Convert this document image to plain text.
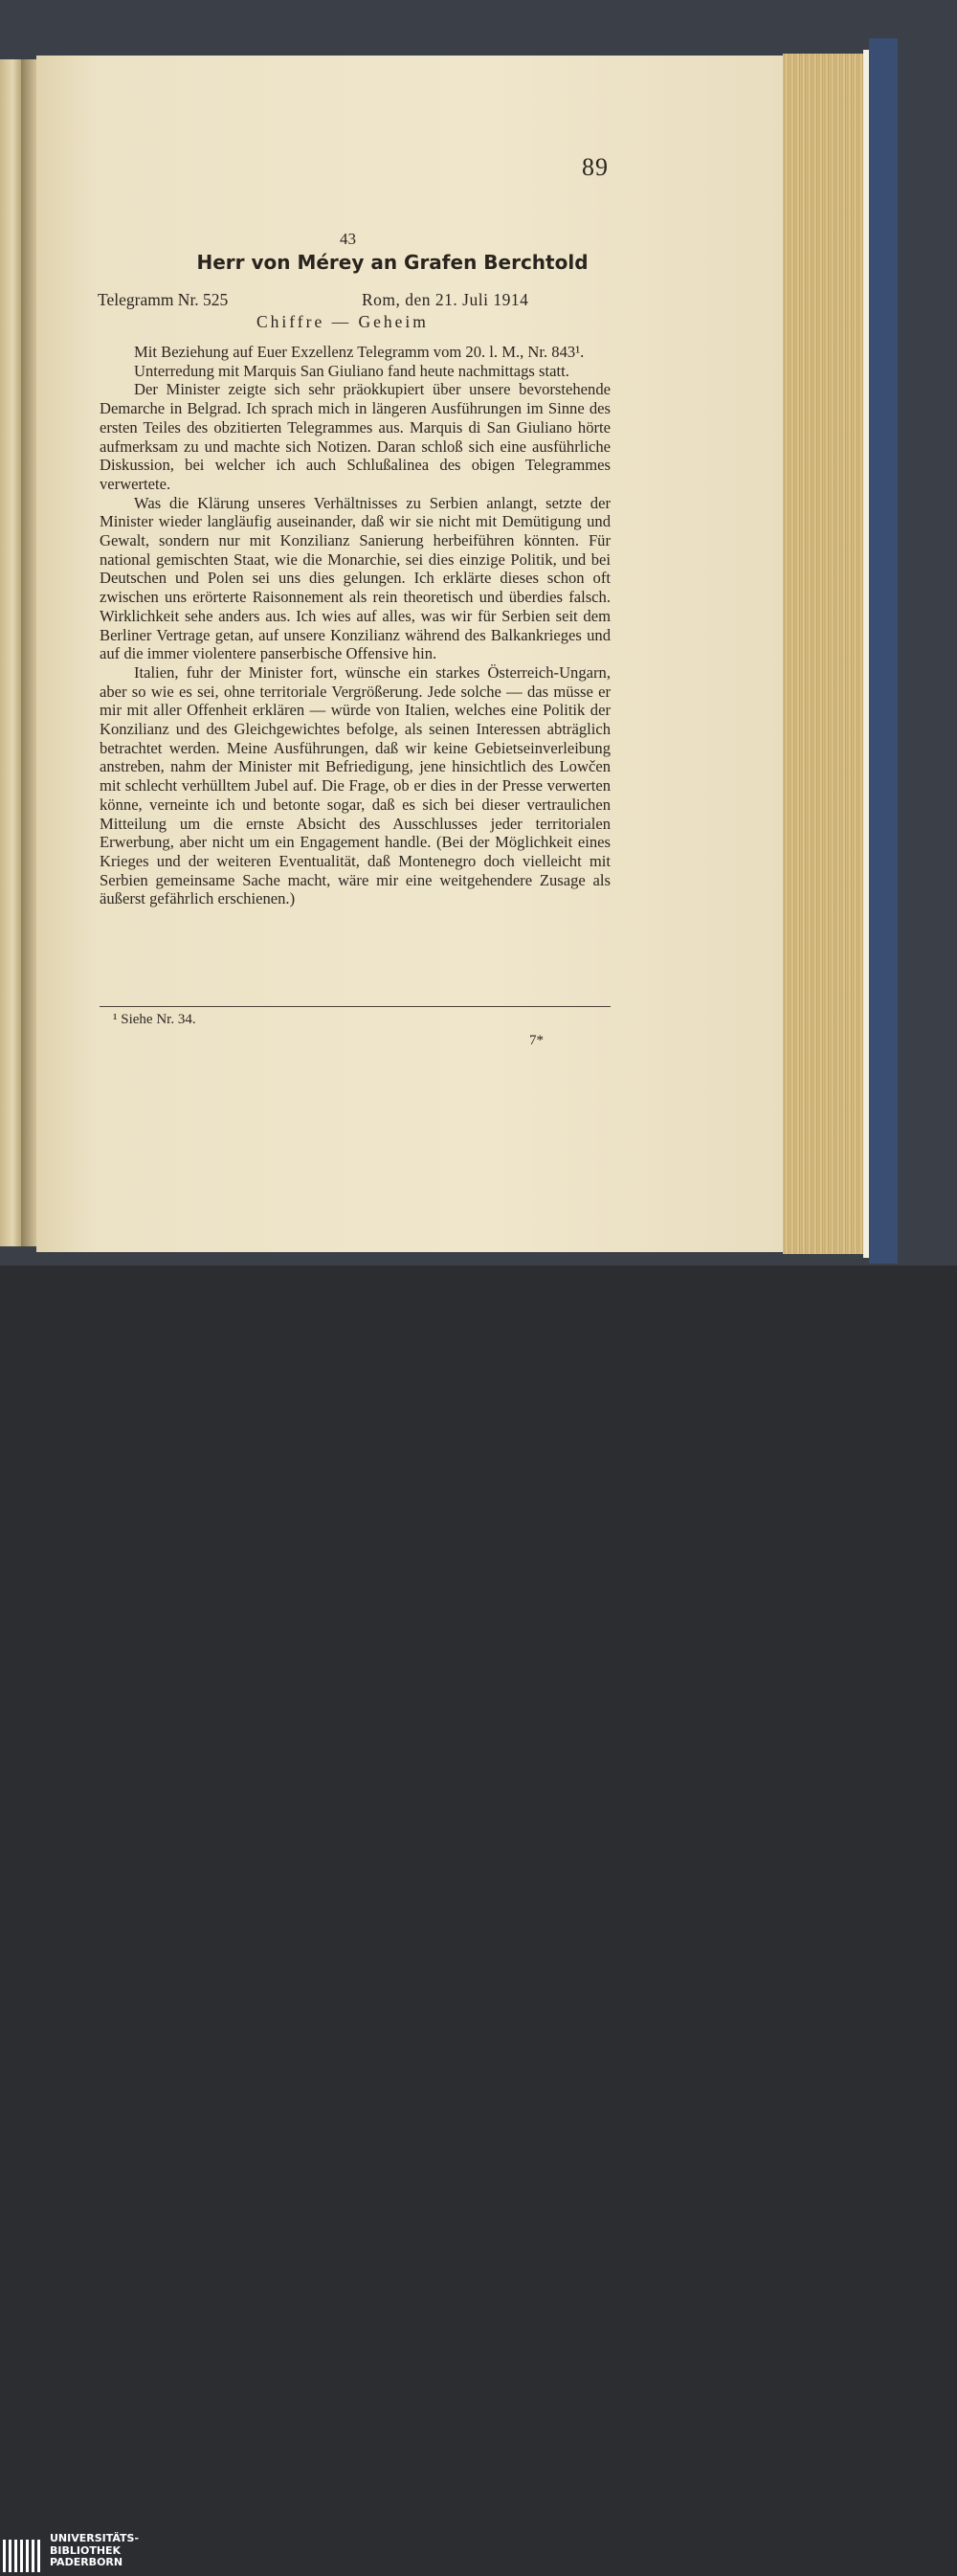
89
43
Herr von Mérey an Grafen Berchtold
Telegramm Nr. 525	Rom, den 21. Juli 1914
Chiffre — Geheim

Mit Beziehung auf Euer Exzellenz Telegramm vom 20. l. M., Nr. 843¹.

Unterredung mit Marquis San Giuliano fand heute nachmittags statt.

Der Minister zeigte sich sehr präokkupiert über unsere bevorstehende Demarche in Belgrad. Ich sprach mich in längeren Ausführungen im Sinne des ersten Teiles des obzitierten Telegrammes aus. Marquis di San Giuliano hörte aufmerksam zu und machte sich Notizen. Daran schloß sich eine ausführliche Diskussion, bei welcher ich auch Schlußalinea des obigen Telegrammes verwertete.

Was die Klärung unseres Verhältnisses zu Serbien anlangt, setzte der Minister wieder langläufig auseinander, daß wir sie nicht mit Demütigung und Gewalt, sondern nur mit Konzilianz Sanierung herbeiführen könnten. Für national gemischten Staat, wie die Monarchie, sei dies einzige Politik, und bei Deutschen und Polen sei uns dies gelungen. Ich erklärte dieses schon oft zwischen uns erörterte Raisonnement als rein theoretisch und überdies falsch. Wirklichkeit sehe anders aus. Ich wies auf alles, was wir für Serbien seit dem Berliner Vertrage getan, auf unsere Konzilianz während des Balkankrieges und auf die immer violentere panserbische Offensive hin.

Italien, fuhr der Minister fort, wünsche ein starkes Österreich-Ungarn, aber so wie es sei, ohne territoriale Vergrößerung. Jede solche — das müsse er mir mit aller Offenheit erklären — würde von Italien, welches eine Politik der Konzilianz und des Gleichgewichtes befolge, als seinen Interessen abträglich betrachtet werden. Meine Ausführungen, daß wir keine Gebietseinverleibung anstreben, nahm der Minister mit Befriedigung, jene hinsichtlich des Lowčen mit schlecht verhülltem Jubel auf. Die Frage, ob er dies in der Presse verwerten könne, verneinte ich und betonte sogar, daß es sich bei dieser vertraulichen Mitteilung um die ernste Absicht des Ausschlusses jeder territorialen Erwerbung, aber nicht um ein Engagement handle. (Bei der Möglichkeit eines Krieges und der weiteren Eventualität, daß Montenegro doch vielleicht mit Serbien gemeinsame Sache macht, wäre mir eine weitgehendere Zusage als äußerst gefährlich erschienen.)

¹ Siehe Nr. 34.
7*
UNIVERSITÄTS-
BIBLIOTHEK
PADERBORN
